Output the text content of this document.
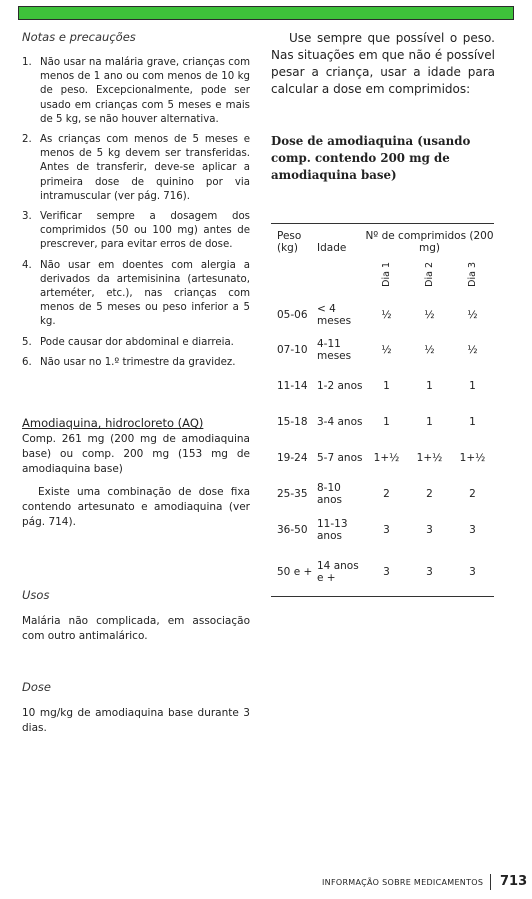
Notas e precauções

1. Não usar na malária grave, crianças com menos de 1 ano ou com menos de 10 kg de peso. Excepcionalmente, pode ser usado em crianças com 5 meses e mais de 5 kg, se não houver alternativa.
2. As crianças com menos de 5 meses e menos de 5 kg devem ser transferidas. Antes de transferir, deve-se aplicar a primeira dose de quinino por via intramuscular (ver pág. 716).
3. Verificar sempre a dosagem dos comprimidos (50 ou 100 mg) antes de prescrever, para evitar erros de dose.
4. Não usar em doentes com alergia a derivados da artemisinina (artesunato, arteméter, etc.), nas crianças com menos de 5 meses ou peso inferior a 5 kg.
5. Pode causar dor abdominal e diarreia.
6. Não usar no 1.º trimestre da gravidez.

Amodiaquina, hidrocloreto (AQ)

Comp. 261 mg (200 mg de amodiaquina base) ou comp. 200 mg (153 mg de amodiaquina base)

Existe uma combinação de dose fixa contendo artesunato e amodiaquina (ver pág. 714).

Usos

Malária não complicada, em associação com outro antimalárico.

Dose

10 mg/kg de amodiaquina base durante 3 dias.

Use sempre que possível o peso. Nas situações em que não é possível pesar a criança, usar a idade para calcular a dose em comprimidos:

Dose de amodiaquina (usando comp. contendo 200 mg de amodiaquina base)

Peso (kg)	Idade	Nº de comprimidos (200 mg)		
		Dia 1	Dia 2	Dia 3
05-06	< 4 meses	½	½	½
07-10	4-11 meses	½	½	½
11-14	1-2 anos	1	1	1
15-18	3-4 anos	1	1	1
19-24	5-7 anos	1+½	1+½	1+½
25-35	8-10 anos	2	2	2
36-50	11-13 anos	3	3	3
50 e +	14 anos e +	3	3	3
INFORMAÇÃO SOBRE MEDICAMENTOS 713
